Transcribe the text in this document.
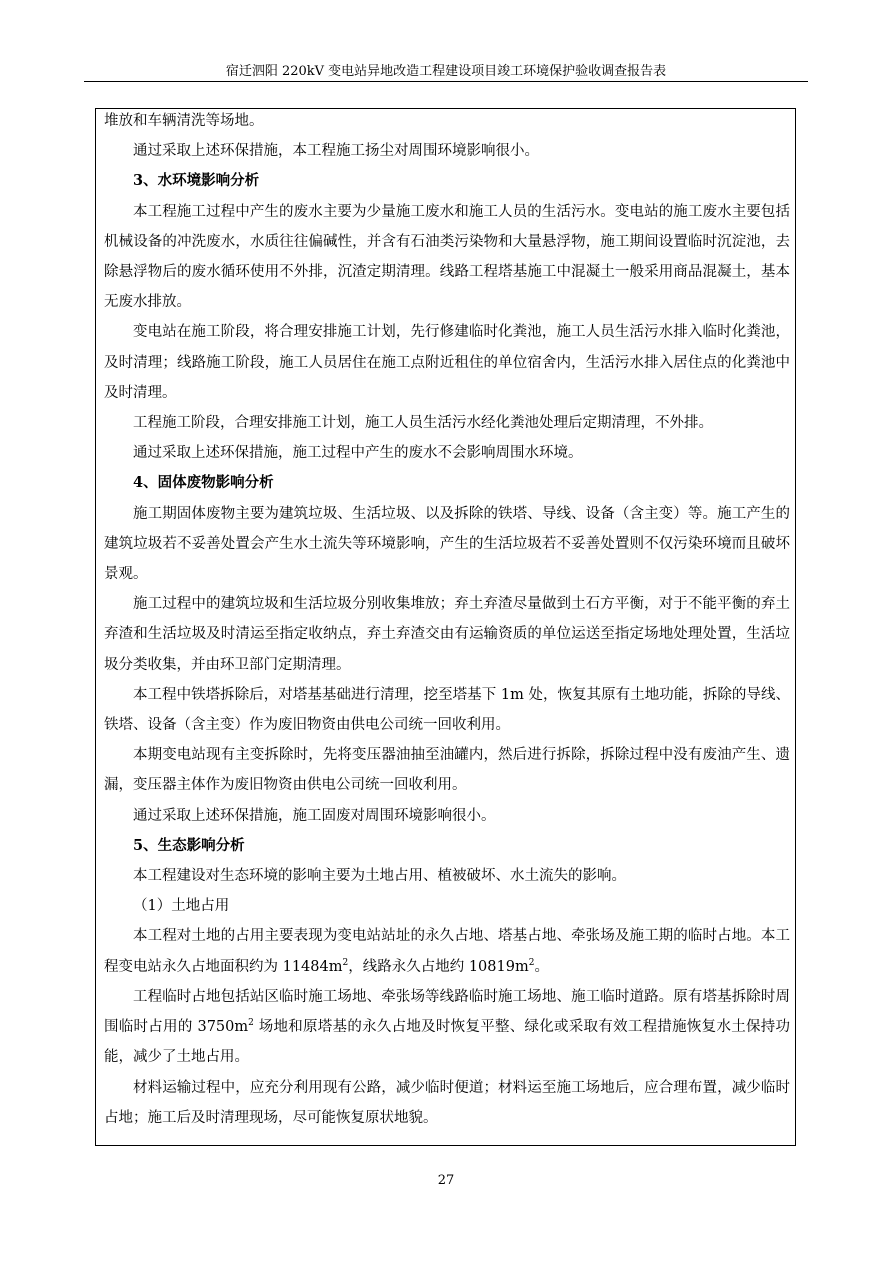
宿迁泗阳 220kV 变电站异地改造工程建设项目竣工环境保护验收调查报告表

堆放和车辆清洗等场地。

通过采取上述环保措施，本工程施工扬尘对周围环境影响很小。

3、水环境影响分析

本工程施工过程中产生的废水主要为少量施工废水和施工人员的生活污水。变电站的施工废水主要包括机械设备的冲洗废水，水质往往偏碱性，并含有石油类污染物和大量悬浮物，施工期间设置临时沉淀池，去除悬浮物后的废水循环使用不外排，沉渣定期清理。线路工程塔基施工中混凝土一般采用商品混凝土，基本无废水排放。

变电站在施工阶段，将合理安排施工计划，先行修建临时化粪池，施工人员生活污水排入临时化粪池，及时清理；线路施工阶段，施工人员居住在施工点附近租住的单位宿舍内，生活污水排入居住点的化粪池中及时清理。

工程施工阶段，合理安排施工计划，施工人员生活污水经化粪池处理后定期清理，不外排。

通过采取上述环保措施，施工过程中产生的废水不会影响周围水环境。

4、固体废物影响分析

施工期固体废物主要为建筑垃圾、生活垃圾、以及拆除的铁塔、导线、设备（含主变）等。施工产生的建筑垃圾若不妥善处置会产生水土流失等环境影响，产生的生活垃圾若不妥善处置则不仅污染环境而且破坏景观。

施工过程中的建筑垃圾和生活垃圾分别收集堆放；弃土弃渣尽量做到土石方平衡，对于不能平衡的弃土弃渣和生活垃圾及时清运至指定收纳点，弃土弃渣交由有运输资质的单位运送至指定场地处理处置，生活垃圾分类收集，并由环卫部门定期清理。

本工程中铁塔拆除后，对塔基基础进行清理，挖至塔基下 1m 处，恢复其原有土地功能，拆除的导线、铁塔、设备（含主变）作为废旧物资由供电公司统一回收利用。

本期变电站现有主变拆除时，先将变压器油抽至油罐内，然后进行拆除，拆除过程中没有废油产生、遗漏，变压器主体作为废旧物资由供电公司统一回收利用。

通过采取上述环保措施，施工固废对周围环境影响很小。

5、生态影响分析

本工程建设对生态环境的影响主要为土地占用、植被破坏、水土流失的影响。

（1）土地占用

本工程对土地的占用主要表现为变电站站址的永久占地、塔基占地、牵张场及施工期的临时占地。本工程变电站永久占地面积约为 $11484m^2$，线路永久占地约 $10819m^2$。

工程临时占地包括站区临时施工场地、牵张场等线路临时施工场地、施工临时道路。原有塔基拆除时周围临时占用的 $3750m^2$ 场地和原塔基的永久占地及时恢复平整、绿化或采取有效工程措施恢复水土保持功能，减少了土地占用。

材料运输过程中，应充分利用现有公路，减少临时便道；材料运至施工场地后，应合理布置，减少临时占地；施工后及时清理现场，尽可能恢复原状地貌。

27
